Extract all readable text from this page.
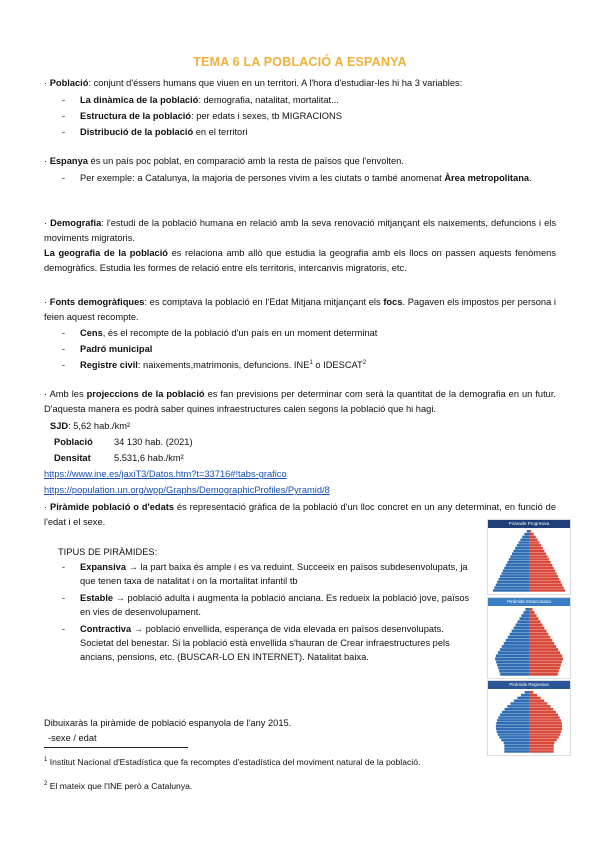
TEMA 6 LA POBLACIÓ A ESPANYA
· Població: conjunt d'éssers humans que viuen en un territori. A l'hora d'estudiar-les hi ha 3 variables:
- La dinàmica de la població: demografia, natalitat, mortalitat...
- Estructura de la població: per edats i sexes, tb MIGRACIONS
- Distribució de la població en el territori
· Espanya és un país poc poblat, en comparació amb la resta de països que l'envolten.
- Per exemple: a Catalunya, la majoria de persones vivim a les ciutats o també anomenat Àrea metropolitana.
· Demografia: l'estudi de la població humana en relació amb la seva renovació mitjançant els naixements, defuncions i els moviments migratoris.
La geografia de la població es relaciona amb allò que estudia la geografia amb els llocs on passen aquests fenòmens demogràfics. Estudia les formes de relació entre els territoris, intercanvis migratoris, etc.
· Fonts demogràfiques: es comptava la població en l'Edat Mitjana mitjançant els focs. Pagaven els impostos per persona i feien aquest recompte.
- Cens, és el recompte de la població d'un país en un moment determinat
- Padró municipal
- Registre civil: naixements,matrimonis, defuncions. INE$^1$ o $IDESCAT^2$
· Amb les projeccions de la població es fan previsions per determinar com serà la quantitat de la demografia en un futur. D'aquesta manera es podrà saber quines infraestructures calen segons la població que hi hagi.
SJD: 5,62 hab./km²
Població 34 130 hab. (2021)
Densitat	5.531,6 hab./km²
https://www.ine.es/jaxiT3/Datos.htm?t=33716#!tabs-grafico
https://population.un.org/wpp/Graphs/DemographicProfiles/Pyramid/8
· Piràmide població o d'edats és representació gràfica de la població d'un lloc concret en un any determinat, en funció de l'edat i el sexe.
TIPUS DE PIRÀMIDES:
- Expansiva → la part baixa és ample i es va reduint. Succeeix en països subdesenvolupats, ja que tenen taxa de natalitat i on la mortalitat infantil tb
- Estable → població adulta i augmenta la població anciana. Es redueix la població jove, països en vies de desenvolupament.
- Contractiva → població envellida, esperança de vida elevada en països desenvolupats. Societat del benestar. Si la població està envellida s'hauran de Crear infraestructures pels ancians, pensions, etc. (BUSCAR-LO EN INTERNET). Natalitat baixa.
Dibuixaràs la piràmide de població espanyola de l'any 2015.
-sexe / edat
Pirámide Progresiva
Pirámide Estacionaria
Pirámide Regresiva
$^1$ Institut Nacional d'Estadística que fa recomptes d'estadística del moviment natural de la població.
$^2$ El mateix que l'INE però a Catalunya.
